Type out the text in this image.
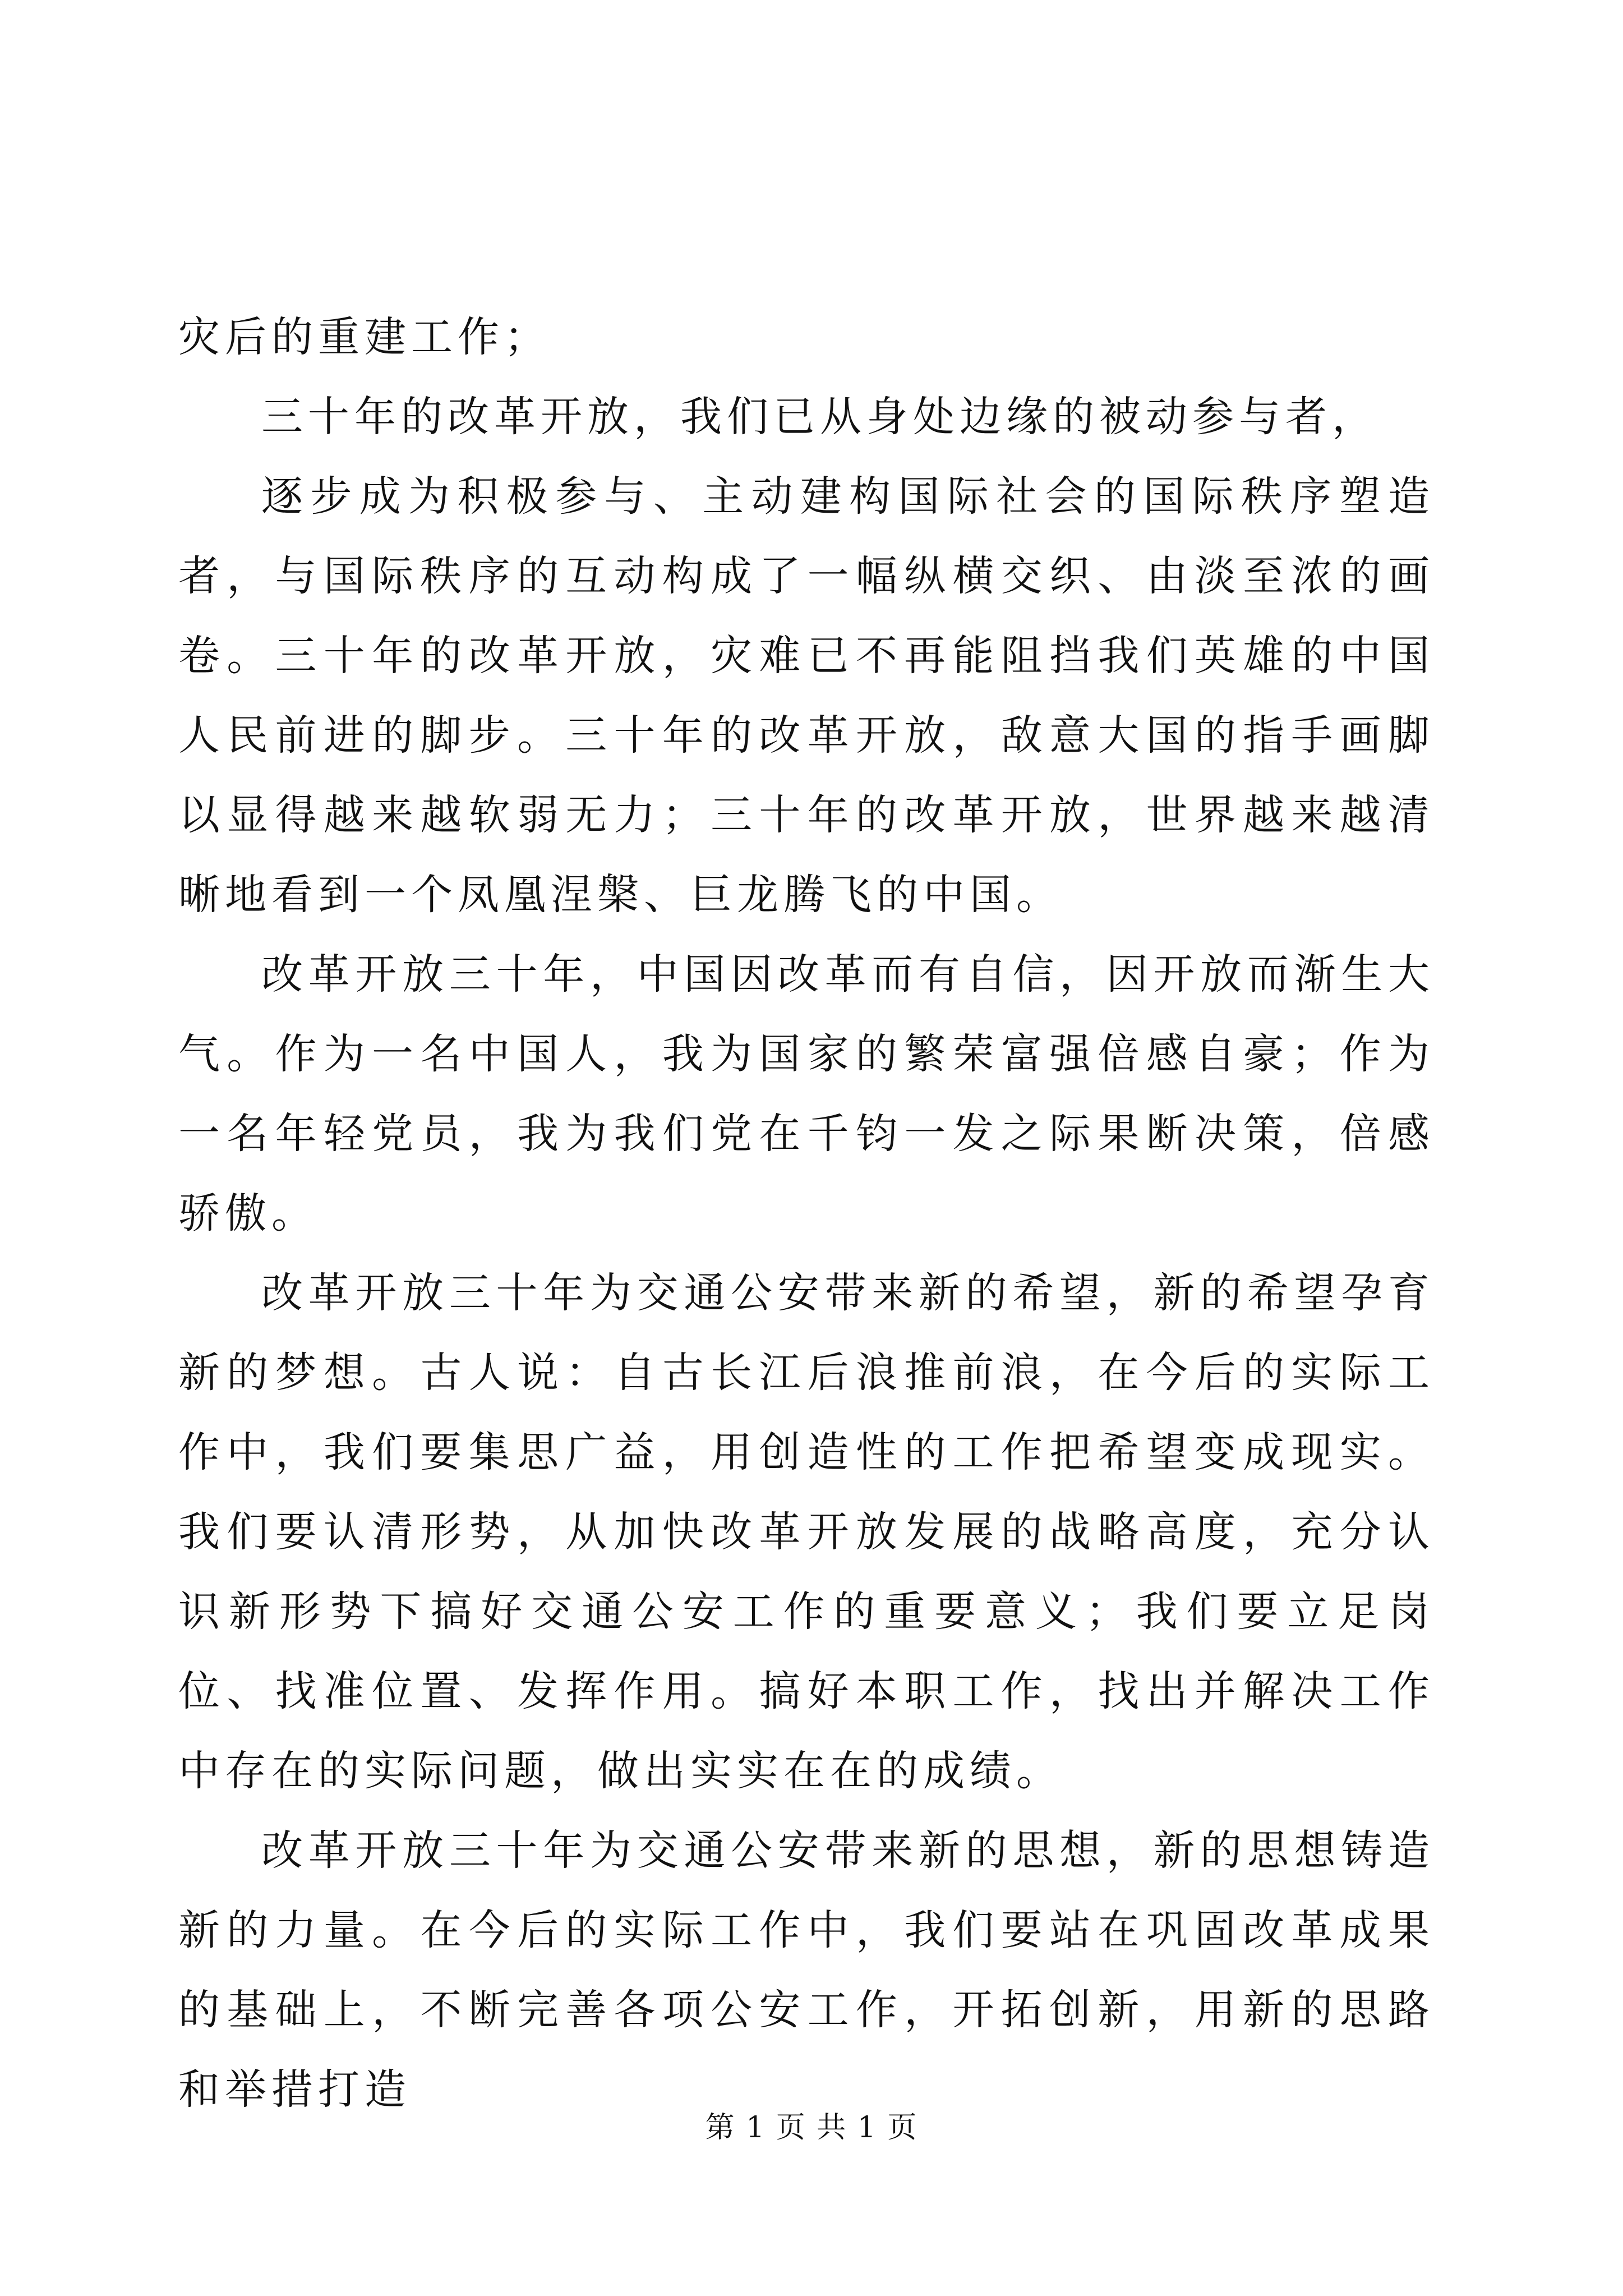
灾后的重建工作；

三十年的改革开放，我们已从身处边缘的被动参与者，

逐步成为积极参与、主动建构国际社会的国际秩序塑造者，与国际秩序的互动构成了一幅纵横交织、由淡至浓的画卷。三十年的改革开放，灾难已不再能阻挡我们英雄的中国人民前进的脚步。三十年的改革开放，敌意大国的指手画脚以显得越来越软弱无力；三十年的改革开放，世界越来越清晰地看到一个凤凰涅槃、巨龙腾飞的中国。

改革开放三十年，中国因改革而有自信，因开放而渐生大气。作为一名中国人，我为国家的繁荣富强倍感自豪；作为一名年轻党员，我为我们党在千钧一发之际果断决策，倍感骄傲。

改革开放三十年为交通公安带来新的希望，新的希望孕育新的梦想。古人说：自古长江后浪推前浪，在今后的实际工作中，我们要集思广益，用创造性的工作把希望变成现实。我们要认清形势，从加快改革开放发展的战略高度，充分认识新形势下搞好交通公安工作的重要意义；我们要立足岗位、找准位置、发挥作用。搞好本职工作，找出并解决工作中存在的实际问题，做出实实在在的成绩。

改革开放三十年为交通公安带来新的思想，新的思想铸造新的力量。在今后的实际工作中，我们要站在巩固改革成果的基础上，不断完善各项公安工作，开拓创新，用新的思路和举措打造

第 1 页 共 1 页
